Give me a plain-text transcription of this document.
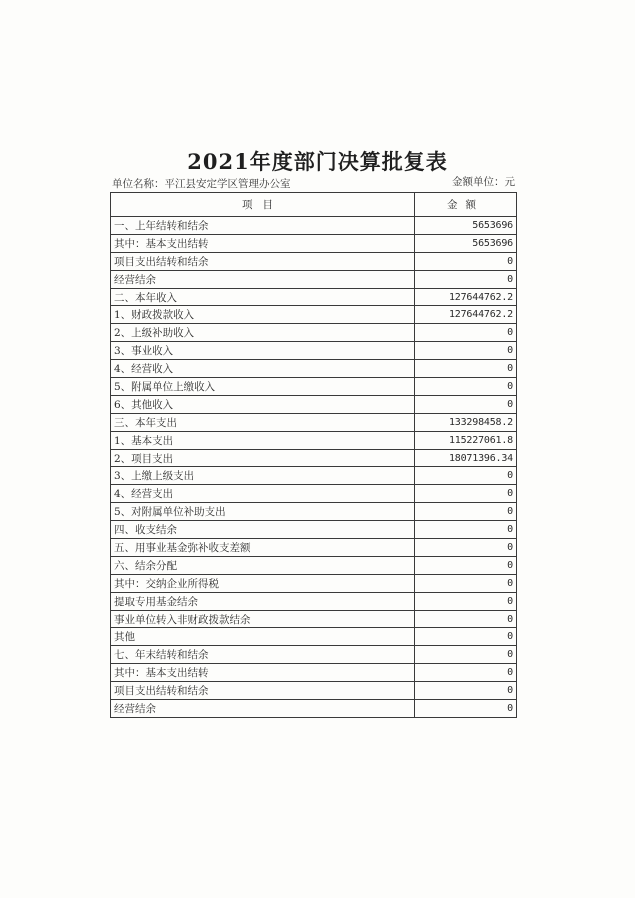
2021年度部门决算批复表
单位名称：平江县安定学区管理办公室	金额单位：元
项目	金额
一、上年结转和结余	5653696
其中：基本支出结转	5653696
项目支出结转和结余	0
经营结余	0
二、本年收入	127644762.2
1、财政拨款收入	127644762.2
2、上级补助收入	0
3、事业收入	0
4、经营收入	0
5、附属单位上缴收入	0
6、其他收入	0
三、本年支出	133298458.2
1、基本支出	115227061.8
2、项目支出	18071396.34
3、上缴上级支出	0
4、经营支出	0
5、对附属单位补助支出	0
四、收支结余	0
五、用事业基金弥补收支差额	0
六、结余分配	0
其中：交纳企业所得税	0
提取专用基金结余	0
事业单位转入非财政拨款结余	0
其他	0
七、年末结转和结余	0
其中：基本支出结转	0
项目支出结转和结余	0
经营结余	0
